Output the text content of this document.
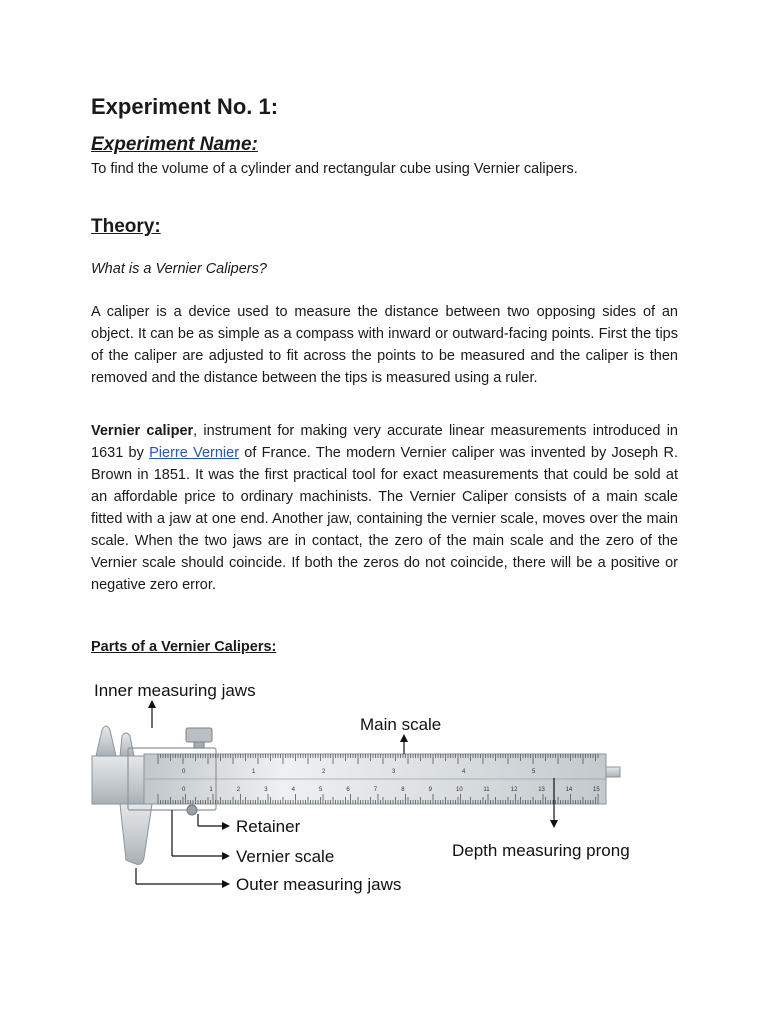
Experiment No. 1:
Experiment Name:

To find the volume of a cylinder and rectangular cube using Vernier calipers.

Theory:

What is a Vernier Calipers?

A caliper is a device used to measure the distance between two opposing sides of an object. It can be as simple as a compass with inward or outward-facing points. First the tips of the caliper are adjusted to fit across the points to be measured and the caliper is then removed and the distance between the tips is measured using a ruler.

Vernier caliper, instrument for making very accurate linear measurements introduced in 1631 by Pierre Vernier of France. The modern Vernier caliper was invented by Joseph R. Brown in 1851. It was the first practical tool for exact measurements that could be sold at an affordable price to ordinary machinists. The Vernier Caliper consists of a main scale fitted with a jaw at one end. Another jaw, containing the vernier scale, moves over the main scale. When the two jaws are in contact, the zero of the main scale and the zero of the Vernier scale should coincide. If both the zeros do not coincide, there will be a positive or negative zero error.

Parts of a Vernier Calipers:
0	1	2	3	4	5
0	1	2	3	4	5	6	7	8	9	10	11	12	13	14	15
Inner measuring jaws
Main scale
Retainer
Vernier scale
Outer measuring jaws
Depth measuring prong
